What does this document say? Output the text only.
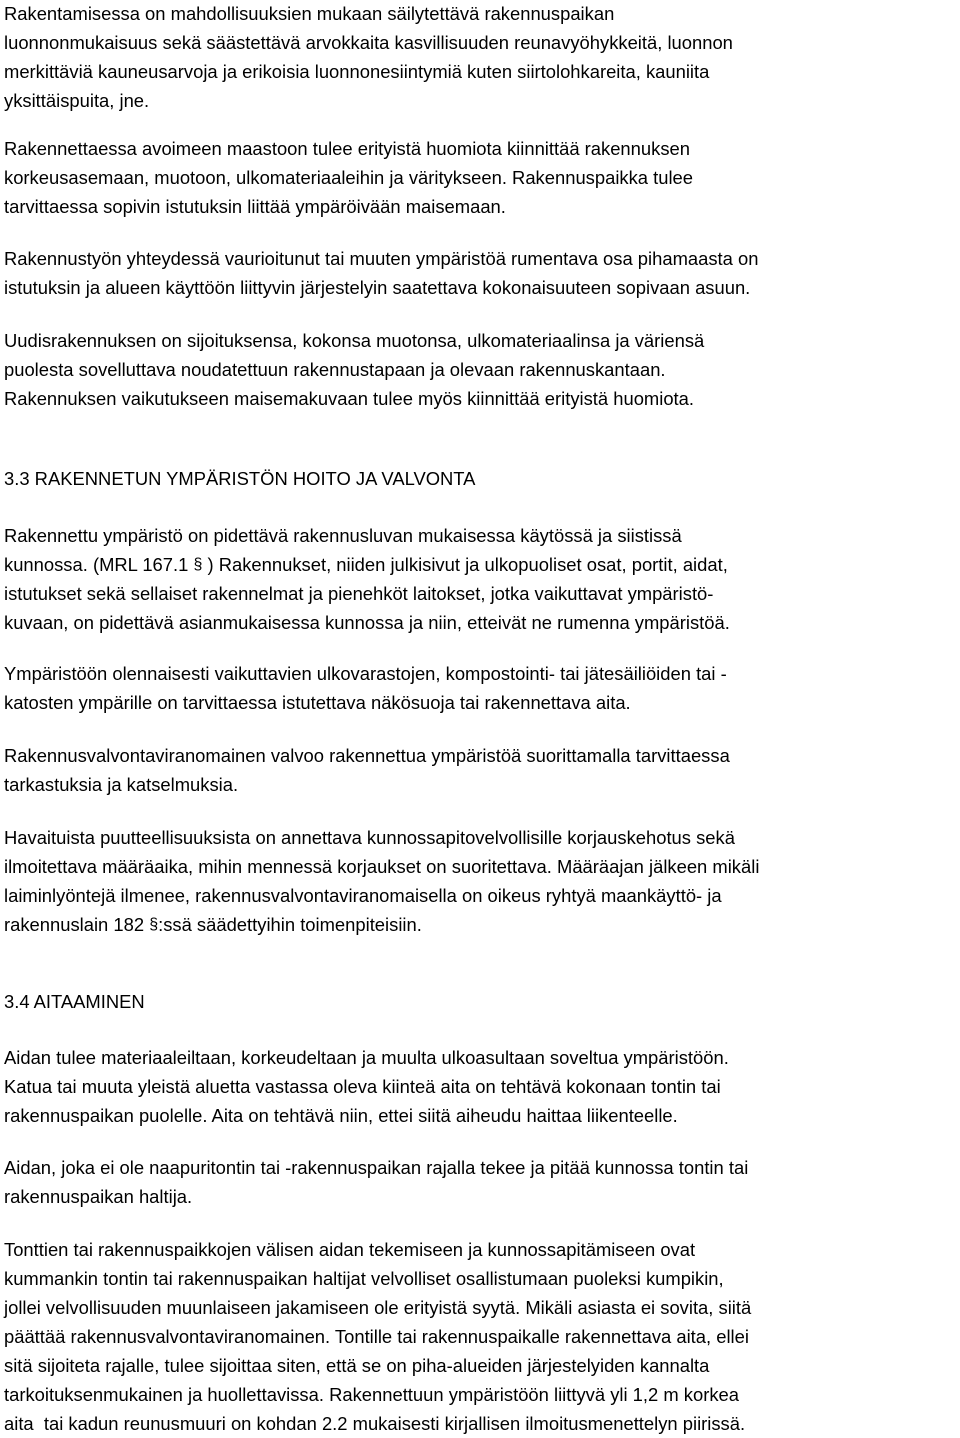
Rakentamisessa on mahdollisuuksien mukaan säilytettävä rakennuspaikan
luonnonmukaisuus sekä säästettävä arvokkaita kasvillisuuden reunavyöhykkeitä, luonnon
merkittäviä kauneusarvoja ja erikoisia luonnonesiintymiä kuten siirtolohkareita, kauniita
yksittäispuita, jne.

Rakennettaessa avoimeen maastoon tulee erityistä huomiota kiinnittää rakennuksen
korkeusasemaan, muotoon, ulkomateriaaleihin ja väritykseen. Rakennuspaikka tulee
tarvittaessa sopivin istutuksin liittää ympäröivään maisemaan.

Rakennustyön yhteydessä vaurioitunut tai muuten ympäristöä rumentava osa pihamaasta on
istutuksin ja alueen käyttöön liittyvin järjestelyin saatettava kokonaisuuteen sopivaan asuun.

Uudisrakennuksen on sijoituksensa, kokonsa muotonsa, ulkomateriaalinsa ja väriensä
puolesta sovelluttava noudatettuun rakennustapaan ja olevaan rakennuskantaan.
Rakennuksen vaikutukseen maisemakuvaan tulee myös kiinnittää erityistä huomiota.

3.3 RAKENNETUN YMPÄRISTÖN HOITO JA VALVONTA

Rakennettu ympäristö on pidettävä rakennusluvan mukaisessa käytössä ja siistissä
kunnossa. (MRL 167.1 § ) Rakennukset, niiden julkisivut ja ulkopuoliset osat, portit, aidat,
istutukset sekä sellaiset rakennelmat ja pienehköt laitokset, jotka vaikuttavat ympäristö-
kuvaan, on pidettävä asianmukaisessa kunnossa ja niin, etteivät ne rumenna ympäristöä.

Ympäristöön olennaisesti vaikuttavien ulkovarastojen, kompostointi- tai jätesäiliöiden tai -
katosten ympärille on tarvittaessa istutettava näkösuoja tai rakennettava aita.

Rakennusvalvontaviranomainen valvoo rakennettua ympäristöä suorittamalla tarvittaessa
tarkastuksia ja katselmuksia.

Havaituista puutteellisuuksista on annettava kunnossapitovelvollisille korjauskehotus sekä
ilmoitettava määräaika, mihin mennessä korjaukset on suoritettava. Määräajan jälkeen mikäli
laiminlyöntejä ilmenee, rakennusvalvontaviranomaisella on oikeus ryhtyä maankäyttö- ja
rakennuslain 182 §:ssä säädettyihin toimenpiteisiin.

3.4 AITAAMINEN

Aidan tulee materiaaleiltaan, korkeudeltaan ja muulta ulkoasultaan soveltua ympäristöön.
Katua tai muuta yleistä aluetta vastassa oleva kiinteä aita on tehtävä kokonaan tontin tai
rakennuspaikan puolelle. Aita on tehtävä niin, ettei siitä aiheudu haittaa liikenteelle.

Aidan, joka ei ole naapuritontin tai -rakennuspaikan rajalla tekee ja pitää kunnossa tontin tai
rakennuspaikan haltija.

Tonttien tai rakennuspaikkojen välisen aidan tekemiseen ja kunnossapitämiseen ovat
kummankin tontin tai rakennuspaikan haltijat velvolliset osallistumaan puoleksi kumpikin,
jollei velvollisuuden muunlaiseen jakamiseen ole erityistä syytä. Mikäli asiasta ei sovita, siitä
päättää rakennusvalvontaviranomainen. Tontille tai rakennuspaikalle rakennettava aita, ellei
sitä sijoiteta rajalle, tulee sijoittaa siten, että se on piha-alueiden järjestelyiden kannalta
tarkoituksenmukainen ja huollettavissa. Rakennettuun ympäristöön liittyvä yli 1,2 m korkea
aita  tai kadun reunusmuuri on kohdan 2.2 mukaisesti kirjallisen ilmoitusmenettelyn piirissä.
